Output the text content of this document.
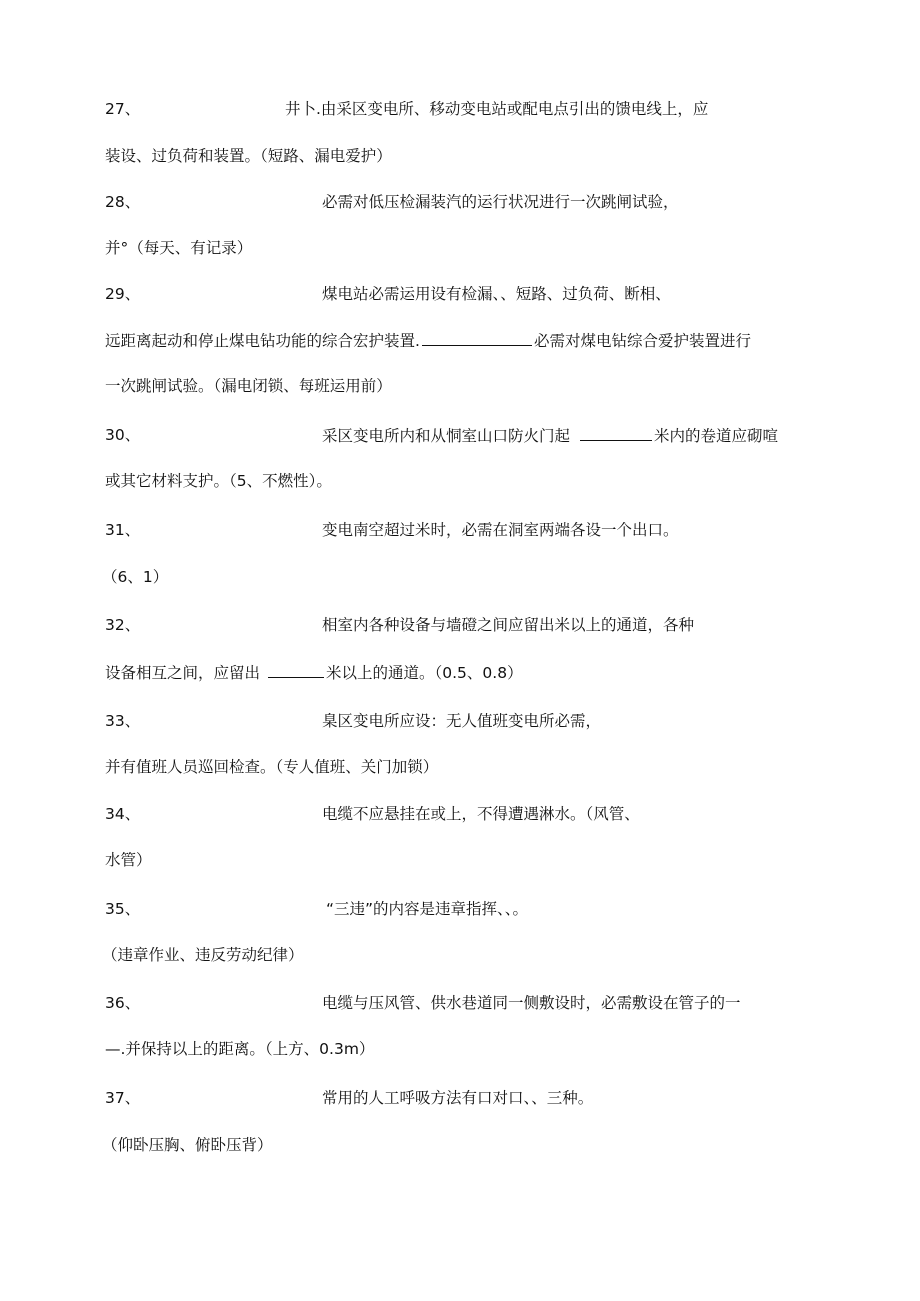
27、	井卜.由采区变电所、移动变电站或配电点引出的馈电线上，应
装设、过负荷和装置。（短路、漏电爱护）
28、	必需对低压检漏装汽的运行状况进行一次跳闸试验，
并°（每天、有记录）
29、	煤电站必需运用设有检漏、、短路、过负荷、断相、
远距离起动和停止煤电钻功能的综合宏护装置.	必需对煤电钻综合爱护装置进行
一次跳闸试验。（漏电闭锁、每班运用前）
30、	采区变电所内和从恫室山口防火门起	米内的卷道应砌喧
或其它材料支护。（5、不燃性）。
31、	变电南空超过米时，必需在洞室两端各设一个出口。
（6、1）
32、	相室内各种设备与墙磴之间应留出米以上的通道，各种
设备相互之间，应留出	米以上的通道。（0.5、0.8）
33、	臬区变电所应设：无人值班变电所必需，
并有值班人员巡回检查。（专人值班、关门加锁）
34、	电缆不应悬挂在或上，不得遭遇淋水。（风管、
水管）
35、	“三违”的内容是违章指挥、、。
（违章作业、违反劳动纪律）
36、	电缆与压风管、供水巷道同一侧敷设时，必需敷设在管子的一
—.并保持以上的距离。（上方、0.3m）
37、	常用的人工呼吸方法有口对口、、三种。
（仰卧压胸、俯卧压背）
